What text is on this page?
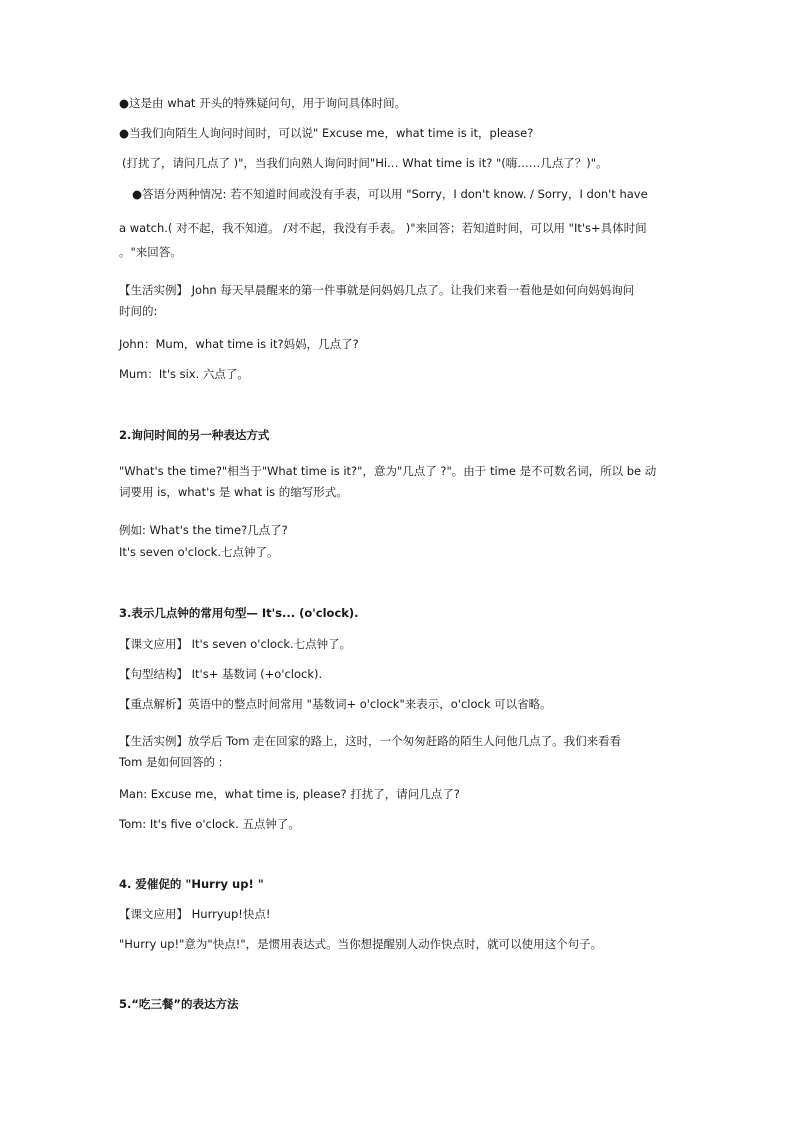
●这是由 what 开头的特殊疑问句，用于询问具体时间。
●当我们向陌生人询问时间时，可以说" Excuse me，what time is it，please?
(打扰了，请问几点了 )"，当我们向熟人询问时间"Hi… What time is it? "(嗨……几点了？)"。
●答语分两种情况: 若不知道时间或没有手表，可以用 "Sorry，I don't know. / Sorry，I don't have
a watch.( 对不起，我不知道。 /对不起，我没有手表。 )"来回答；若知道时间，可以用 "It's+具体时间
。"来回答。
【生活实例】 John 每天早晨醒来的第一件事就是问妈妈几点了。让我们来看一看他是如何向妈妈询问
时间的:
John：Mum，what time is it?妈妈，几点了?
Mum：It's six. 六点了。
2.询问时间的另一种表达方式
"What's the time?"相当于"What time is it?"，意为"几点了 ?"。由于 time 是不可数名词，所以 be 动
词要用 is，what's 是 what is 的缩写形式。
例如: What's the time?几点了?
It's seven o'clock.七点钟了。
3.表示几点钟的常用句型— It's... (o'clock).
【课文应用】 It's seven o'clock.七点钟了。
【句型结构】 It's+ 基数词 (+o'clock).
【重点解析】英语中的整点时间常用 "基数词+ o'clock"来表示，o'clock 可以省略。
【生活实例】放学后 Tom 走在回家的路上，这时，一个匆匆赶路的陌生人问他几点了。我们来看看
Tom 是如何回答的 :
Man: Excuse me，what time is, please? 打扰了，请问几点了?
Tom: It's five o'clock. 五点钟了。
4. 爱催促的 "Hurry up! "
【课文应用】 Hurryup!快点!
"Hurry up!"意为"快点!"，是惯用表达式。当你想提醒别人动作快点时，就可以使用这个句子。
5.“吃三餐”的表达方法
